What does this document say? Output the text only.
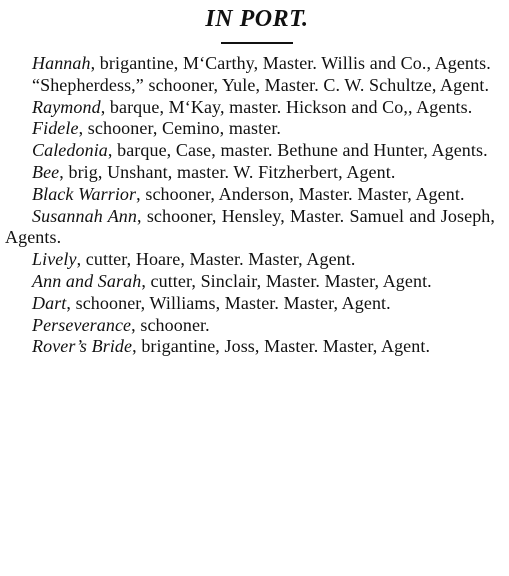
IN PORT.

Hannah, brigantine, M‘Carthy, Master. Willis and Co., Agents.

“Shepherdess,” schooner, Yule, Master. C. W. Schultze, Agent.

Raymond, barque, M‘Kay, master. Hickson and Co,, Agents.

Fidele, schooner, Cemino, master.

Caledonia, barque, Case, master. Bethune and Hunter, Agents.

Bee, brig, Unshant, master. W. Fitzherbert, Agent.

Black Warrior, schooner, Anderson, Master. Master, Agent.

Susannah Ann, schooner, Hensley, Master. Samuel and Joseph, Agents.

Lively, cutter, Hoare, Master. Master, Agent.

Ann and Sarah, cutter, Sinclair, Master. Master, Agent.

Dart, schooner, Williams, Master. Master, Agent.

Perseverance, schooner.

Rover’s Bride, brigantine, Joss, Master. Master, Agent.
